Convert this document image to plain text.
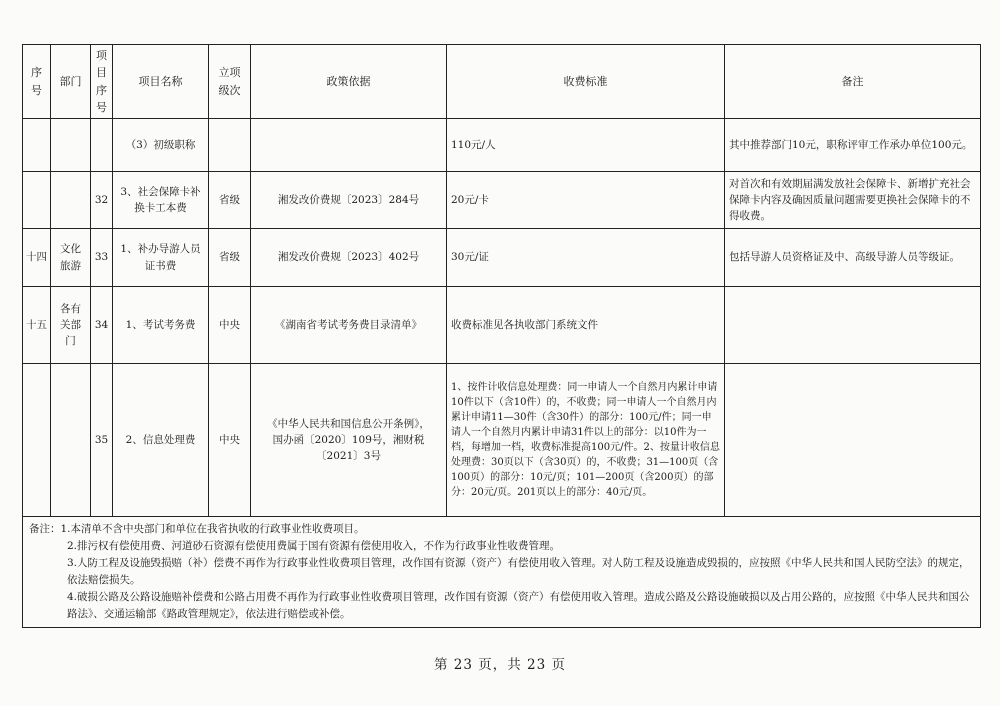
序号	部门	项目序号	项目名称	立项级次	政策依据	收费标准	备注
			（3）初级职称			110元/人	其中推荐部门10元，职称评审工作承办单位100元。
		32	3、社会保障卡补换卡工本费	省级	湘发改价费规〔2023〕284号	20元/卡	对首次和有效期届满发放社会保障卡、新增扩充社会保障卡内容及确因质量问题需要更换社会保障卡的不得收费。
十四	文化旅游	33	1、补办导游人员证书费	省级	湘发改价费规〔2023〕402号	30元/证	包括导游人员资格证及中、高级导游人员等级证。
十五	各有关部门	34	1、考试考务费	中央	《湖南省考试考务费目录清单》	收费标准见各执收部门系统文件	
		35	2、信息处理费	中央	《中华人民共和国信息公开条例》，国办函〔2020〕109号，湘财税〔2021〕3号	1、按件计收信息处理费：同一申请人一个自然月内累计申请10件以下（含10件）的，不收费；同一申请人一个自然月内累计申请11—30件（含30件）的部分：100元/件；同一申请人一个自然月内累计申请31件以上的部分：以10件为一档，每增加一档，收费标准提高100元/件。2、按量计收信息处理费：30页以下（含30页）的，不收费；31—100页（含100页）的部分：10元/页；101—200页（含200页）的部分：20元/页。201页以上的部分：40元/页。	

备注：1.本清单不含中央部门和单位在我省执收的行政事业性收费项目。
2.排污权有偿使用费、河道砂石资源有偿使用费属于国有资源有偿使用收入，不作为行政事业性收费管理。
3.人防工程及设施毁损赔（补）偿费不再作为行政事业性收费项目管理，改作国有资源（资产）有偿使用收入管理。对人防工程及设施造成毁损的，应按照《中华人民共和国人民防空法》的规定，依法赔偿损失。
4.破损公路及公路设施赔补偿费和公路占用费不再作为行政事业性收费项目管理，改作国有资源（资产）有偿使用收入管理。造成公路及公路设施破损以及占用公路的，应按照《中华人民共和国公路法》、交通运输部《路政管理规定》，依法进行赔偿或补偿。							
第 23 页，共 23 页
